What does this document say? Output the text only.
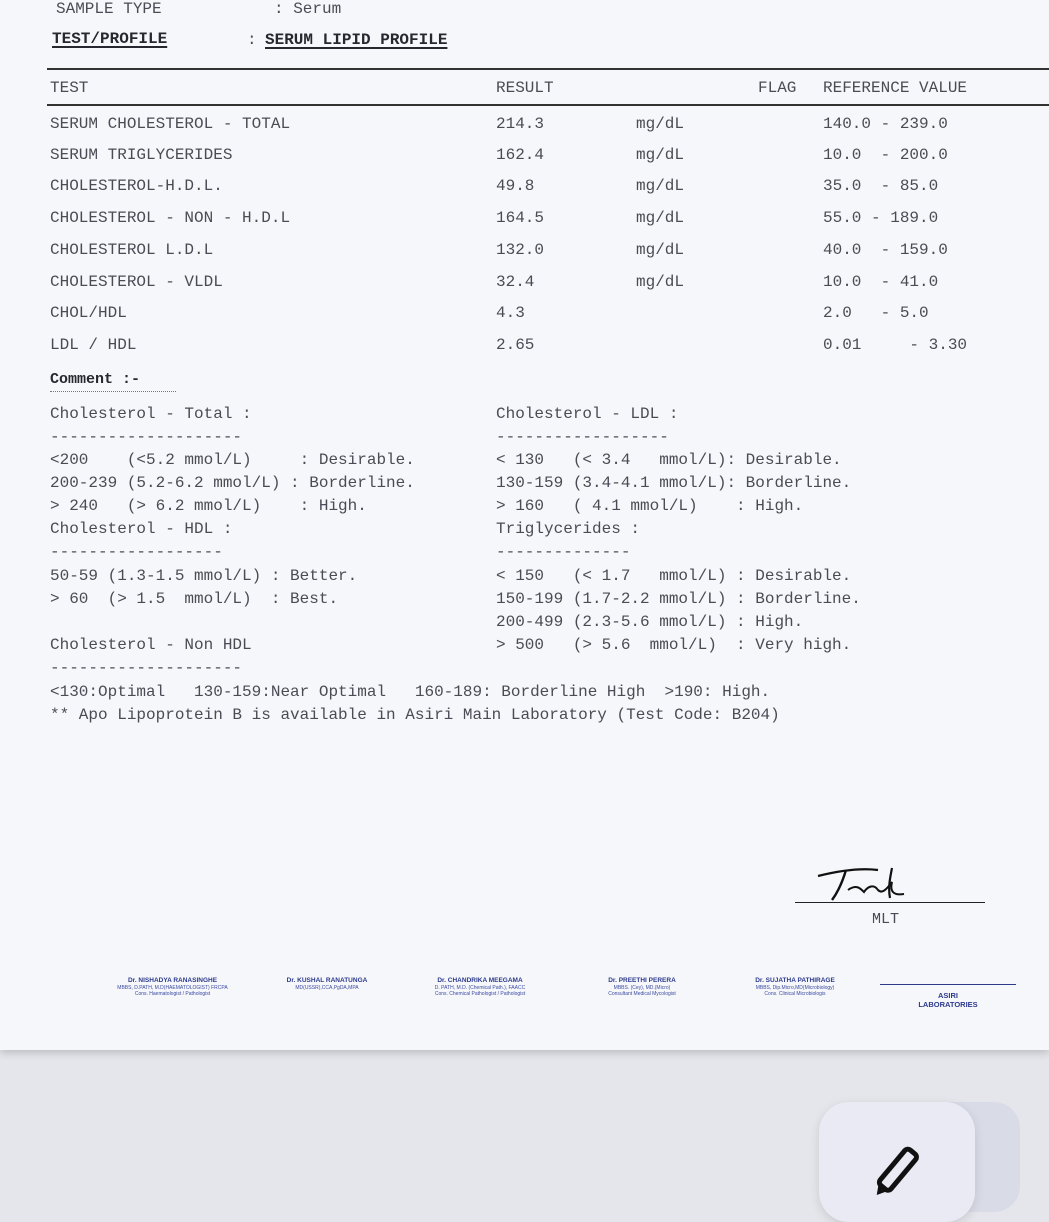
SAMPLE TYPE	: Serum
TEST/PROFILE	: SERUM LIPID PROFILE
TEST	RESULT	FLAG REFERENCE VALUE
SERUM CHOLESTEROL - TOTAL	214.3	mg/dL	140.0 - 239.0
SERUM TRIGLYCERIDES	162.4	mg/dL	10.0  - 200.0
CHOLESTEROL-H.D.L.	49.8	mg/dL	35.0  - 85.0
CHOLESTEROL - NON - H.D.L	164.5	mg/dL	55.0 - 189.0
CHOLESTEROL L.D.L	132.0	mg/dL	40.0  - 159.0
CHOLESTEROL - VLDL	32.4	mg/dL	10.0  - 41.0
CHOL/HDL	4.3	2.0   - 5.0
LDL / HDL	2.65	0.01     - 3.30
Comment :-
Cholesterol - Total :
--------------------
<200    (<5.2 mmol/L)     : Desirable.
200-239 (5.2-6.2 mmol/L) : Borderline.
> 240   (> 6.2 mmol/L)    : High.
Cholesterol - HDL :
------------------
50-59 (1.3-1.5 mmol/L) : Better.
> 60  (> 1.5  mmol/L)  : Best.
Cholesterol - Non HDL
--------------------
Cholesterol - LDL :
------------------
< 130   (< 3.4   mmol/L): Desirable.
130-159 (3.4-4.1 mmol/L): Borderline.
> 160   ( 4.1 mmol/L)    : High.
Triglycerides :
--------------
< 150   (< 1.7   mmol/L) : Desirable.
150-199 (1.7-2.2 mmol/L) : Borderline.
200-499 (2.3-5.6 mmol/L) : High.
> 500   (> 5.6  mmol/L)  : Very high.
<130:Optimal   130-159:Near Optimal   160-189: Borderline High  >190: High.
** Apo Lipoprotein B is available in Asiri Main Laboratory (Test Code: B204)
MLT
Dr. NISHADYA RANASINGHE
MBBS, D.PATH, M.D(HAEMATOLOGIST) FRCPA
Cons. Haematologist / Pathologist
Dr. KUSHAL RANATUNGA
MD(USSR),CCA,PgDA,MPA
Dr. CHANDRIKA MEEGAMA
D. PATH, M.D. (Chemical Path.), FAACC
Cons. Chemical Pathologist / Pathologist
Dr. PREETHI PERERA
MBBS. (Cey), MD.(Micro)
Consultant Medical Mycologist
Dr. SUJATHA PATHIRAGE
MBBS, Dip.Micro,MD(Microbiology)
Cons. Clinical Microbiologis	ASIRI
LABORATORIES
